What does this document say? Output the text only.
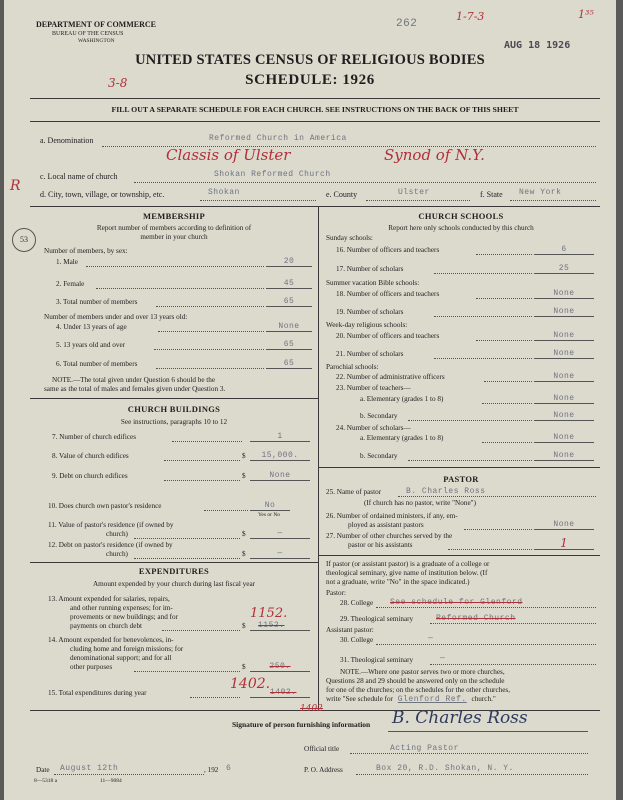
DEPARTMENT OF COMMERCE
BUREAU OF THE CENSUS
WASHINGTON
262
1-7-3	1³⁵
AUG 18 1926
UNITED STATES CENSUS OF RELIGIOUS BODIES
SCHEDULE: 1926
3-8
FILL OUT A SEPARATE SCHEDULE FOR EACH CHURCH. SEE INSTRUCTIONS ON THE BACK OF THIS SHEET
R
53
a. Denomination	Reformed Church in America
Classis of Ulster	Synod of N.Y.
c. Local name of church	Shokan Reformed Church
d. City, town, village, or township, etc.	Shokan	e. County	Ulster	f. State New York
MEMBERSHIP
Report number of members according to definition of
member in your church
Number of members, by sex:
1. Male	20
2. Female	45
3. Total number of members	65
Number of members under and over 13 years old:
4. Under 13 years of age	None
5. 13 years old and over	65
6. Total number of members	65
NOTE.—The total given under Question 6 should be the
same as the total of males and females given under Question 3.
CHURCH BUILDINGS
See instructions, paragraphs 10 to 12
7. Number of church edifices	1
8. Value of church edifices	$	15,000.
9. Debt on church edifices	$	None
10. Does church own pastor's residence	No
Yes or No
11. Value of pastor's residence (if owned by
church)	$	—
12. Debt on pastor's residence (if owned by
church)	$	—
EXPENDITURES
Amount expended by your church during last fiscal year
13. Amount expended for salaries, repairs,
and other running expenses; for im-
provements or new buildings; and for
payments on church debt	$
1152.
1152.
14. Amount expended for benevolences, in-
cluding home and foreign missions; for
denominational support; and for all
other purposes	$	250.
15. Total expenditures during year
1402.
1402.
CHURCH SCHOOLS
Report here only schools conducted by this church
Sunday schools:
16. Number of officers and teachers	6
17. Number of scholars	25
Summer vacation Bible schools:
18. Number of officers and teachers	None
19. Number of scholars	None
Week-day religious schools:
20. Number of officers and teachers	None
21. Number of scholars	None
Parochial schools:
22. Number of administrative officers	None
23. Number of teachers—
a. Elementary (grades 1 to 8)	None
b. Secondary	None
24. Number of scholars—
a. Elementary (grades 1 to 8)	None
b. Secondary	None
PASTOR
25. Name of pastor	B. Charles Ross
(If church has no pastor, write "None")
26. Number of ordained ministers, if any, em-
ployed as assistant pastors	None
27. Number of other churches served by the
pastor or his assistants	1
If pastor (or assistant pastor) is a graduate of a college or
theological seminary, give name of institution below. (If
not a graduate, write "No" in the space indicated.)
Pastor:
28. College See schedule for Glenford
29. Theological seminary	Reformed Church
Assistant pastor:
30. College	—
31. Theological seminary	—
NOTE.—Where one pastor serves two or more churches,
Questions 28 and 29 should be answered only on the schedule
for one of the churches; on the schedules for the other churches,
write "See schedule for Glenford Ref. church."
1402
Signature of person furnishing information B. Charles Ross
Official title	Acting Pastor
Date August 12th	, 192 6	P. O. Address	Box 20, R.D. Shokan, N. Y.
8—5318 a	11—9084
